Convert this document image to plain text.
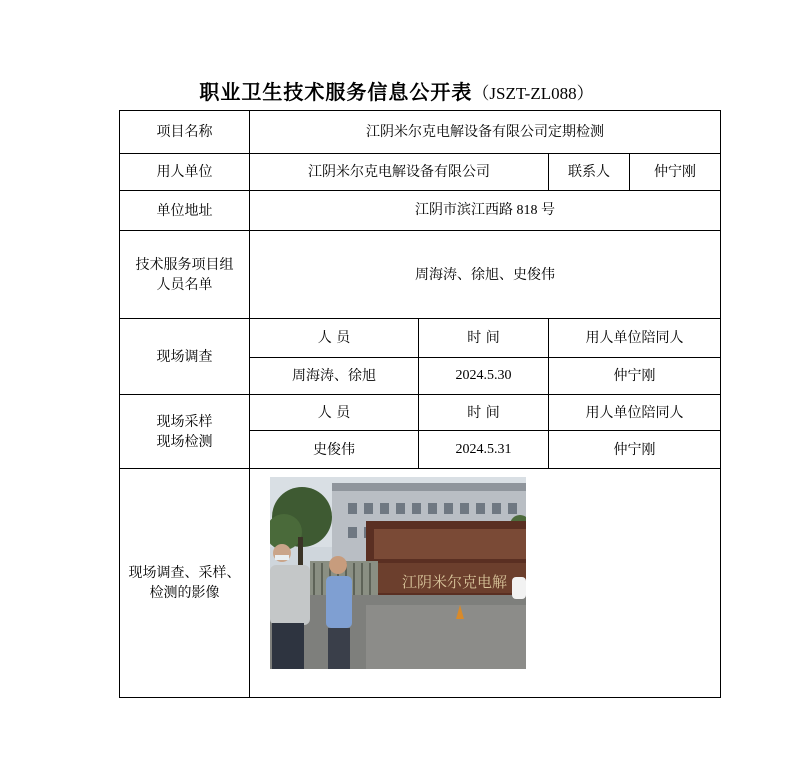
职业卫生技术服务信息公开表（JSZT-ZL088）
项目名称	江阴米尔克电解设备有限公司定期检测			
用人单位	江阴米尔克电解设备有限公司		联系人	仲宁刚
单位地址	江阴市滨江西路 818 号			

技术服务项目组
人员名单	周海涛、徐旭、史俊伟			
现场调查	人 员	时 间	用人单位陪同人	
	周海涛、徐旭	2024.5.30	仲宁刚	

现场采样
现场检测	人 员	时 间	用人单位陪同人	
	史俊伟	2024.5.31	仲宁刚	

现场调查、采样、
检测的影像	江阴米尔克电解			
